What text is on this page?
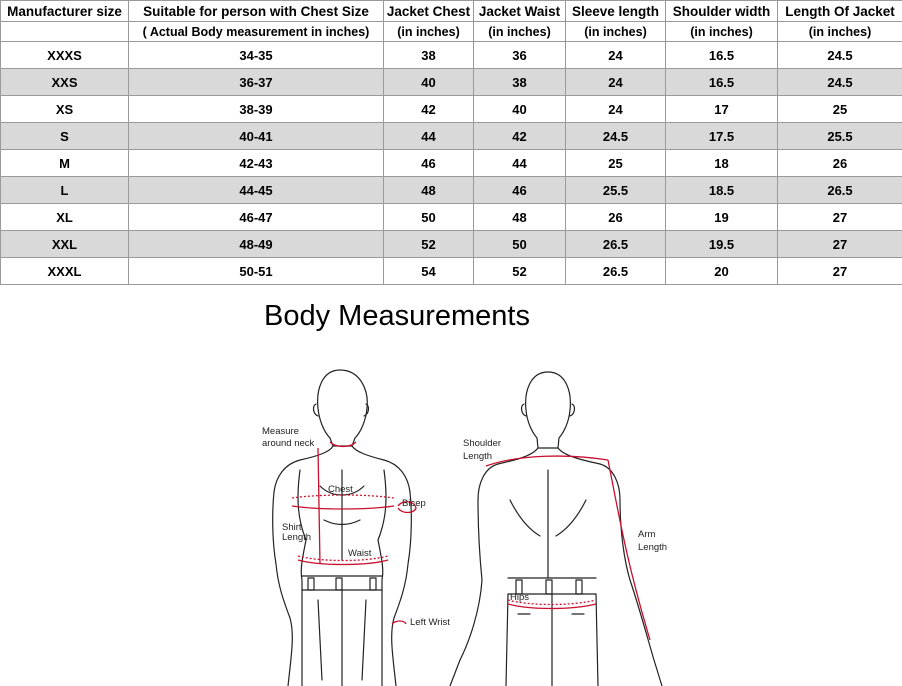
Manufacturer size	Suitable for person with Chest Size	Jacket Chest	Jacket Waist	Sleeve length	Shoulder width	Length Of Jacket
	( Actual Body measurement in inches)	(in inches)	(in inches)	(in inches)	(in inches)	(in inches)
XXXS	34-35	38	36	24	16.5	24.5
XXS	36-37	40	38	24	16.5	24.5
XS	38-39	42	40	24	17	25
S	40-41	44	42	24.5	17.5	25.5
M	42-43	46	44	25	18	26
L	44-45	48	46	25.5	18.5	26.5
XL	46-47	50	48	26	19	27
XXL	48-49	52	50	26.5	19.5	27
XXXL	50-51	54	52	26.5	20	27
Body Measurements
Measure
around neck
Chest
Bicep
Shirt
Length
Waist
Left Wrist
Shoulder
Length
Arm
Length
Hips
